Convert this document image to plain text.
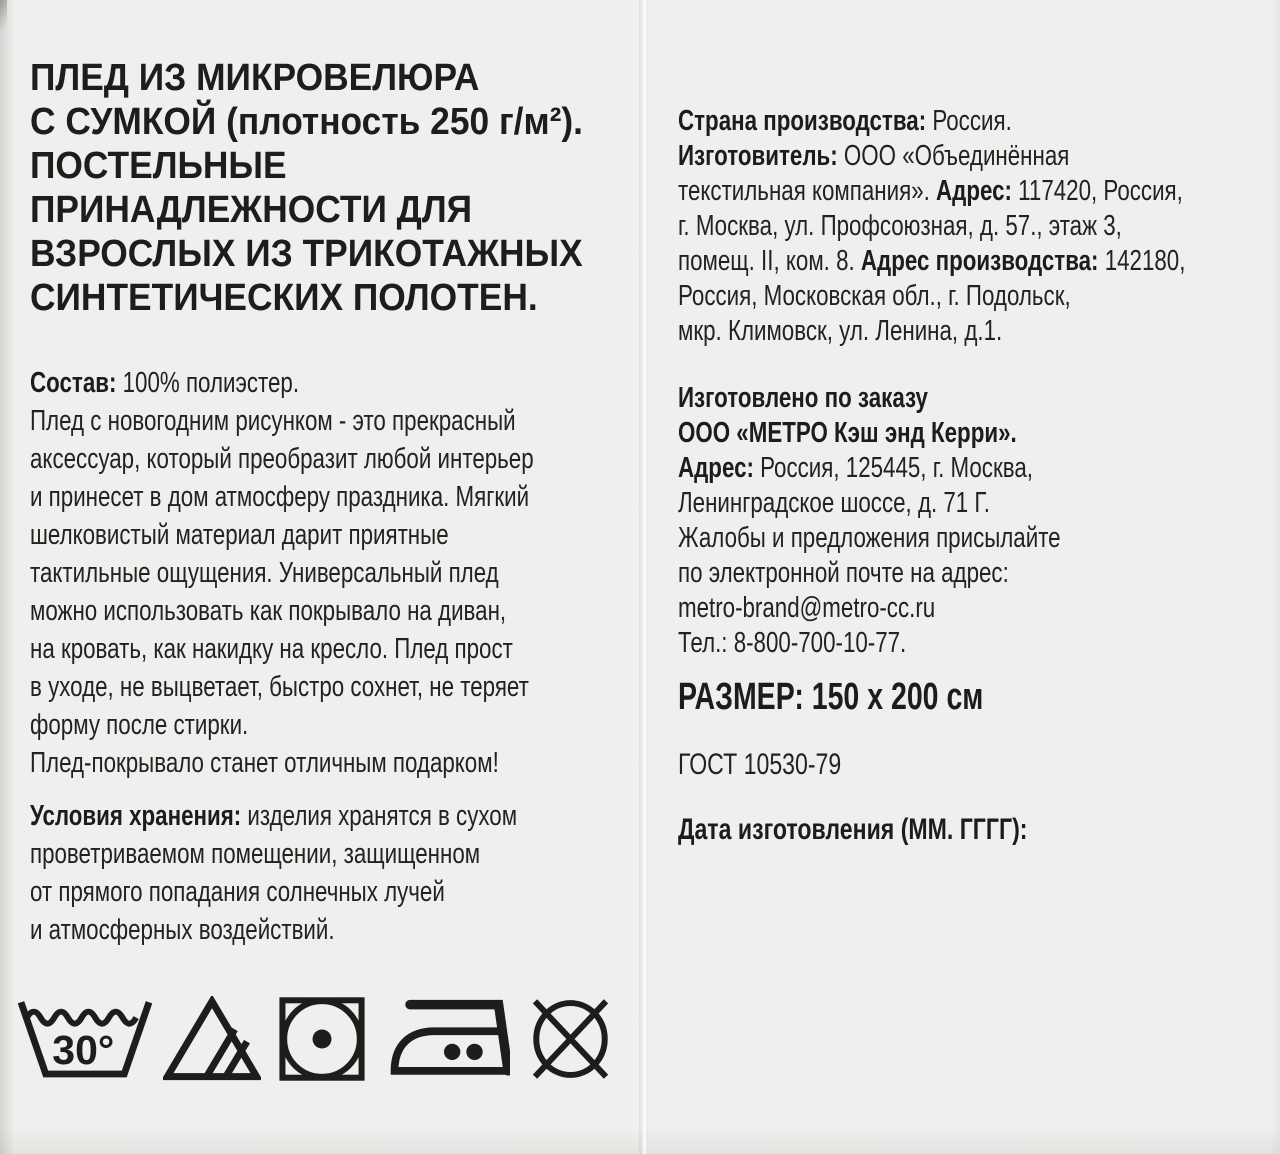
ПЛЕД ИЗ МИКРОВЕЛЮРА
С СУМКОЙ (плотность 250 г/м²).
ПОСТЕЛЬНЫЕ
ПРИНАДЛЕЖНОСТИ ДЛЯ
ВЗРОСЛЫХ ИЗ ТРИКОТАЖНЫХ
СИНТЕТИЧЕСКИХ ПОЛОТЕН.
Состав: 100% полиэстер.
Плед с новогодним рисунком - это прекрасный
аксессуар, который преобразит любой интерьер
и принесет в дом атмосферу праздника. Мягкий
шелковистый материал дарит приятные
тактильные ощущения. Универсальный плед
можно использовать как покрывало на диван,
на кровать, как накидку на кресло. Плед прост
в уходе, не выцветает, быстро сохнет, не теряет
форму после стирки.
Плед-покрывало станет отличным подарком!
Условия хранения: изделия хранятся в сухом
проветриваемом помещении, защищенном
от прямого попадания солнечных лучей
и атмосферных воздействий.
30°
Страна производства: Россия.
Изготовитель: ООО «Объединённая
текстильная компания». Адрес: 117420, Россия,
г. Москва, ул. Профсоюзная, д. 57., этаж 3,
помещ. II, ком. 8. Адрес производства: 142180,
Россия, Московская обл., г. Подольск,
мкр. Климовск, ул. Ленина, д.1.
Изготовлено по заказу
ООО «МЕТРО Кэш энд Керри».
Адрес: Россия, 125445, г. Москва,
Ленинградское шоссе, д. 71 Г.
Жалобы и предложения присылайте
по электронной почте на адрес:
metro-brand@metro-cc.ru
Тел.: 8-800-700-10-77.
РАЗМЕР: 150 х 200 см
ГОСТ 10530-79
Дата изготовления (ММ. ГГГГ):
